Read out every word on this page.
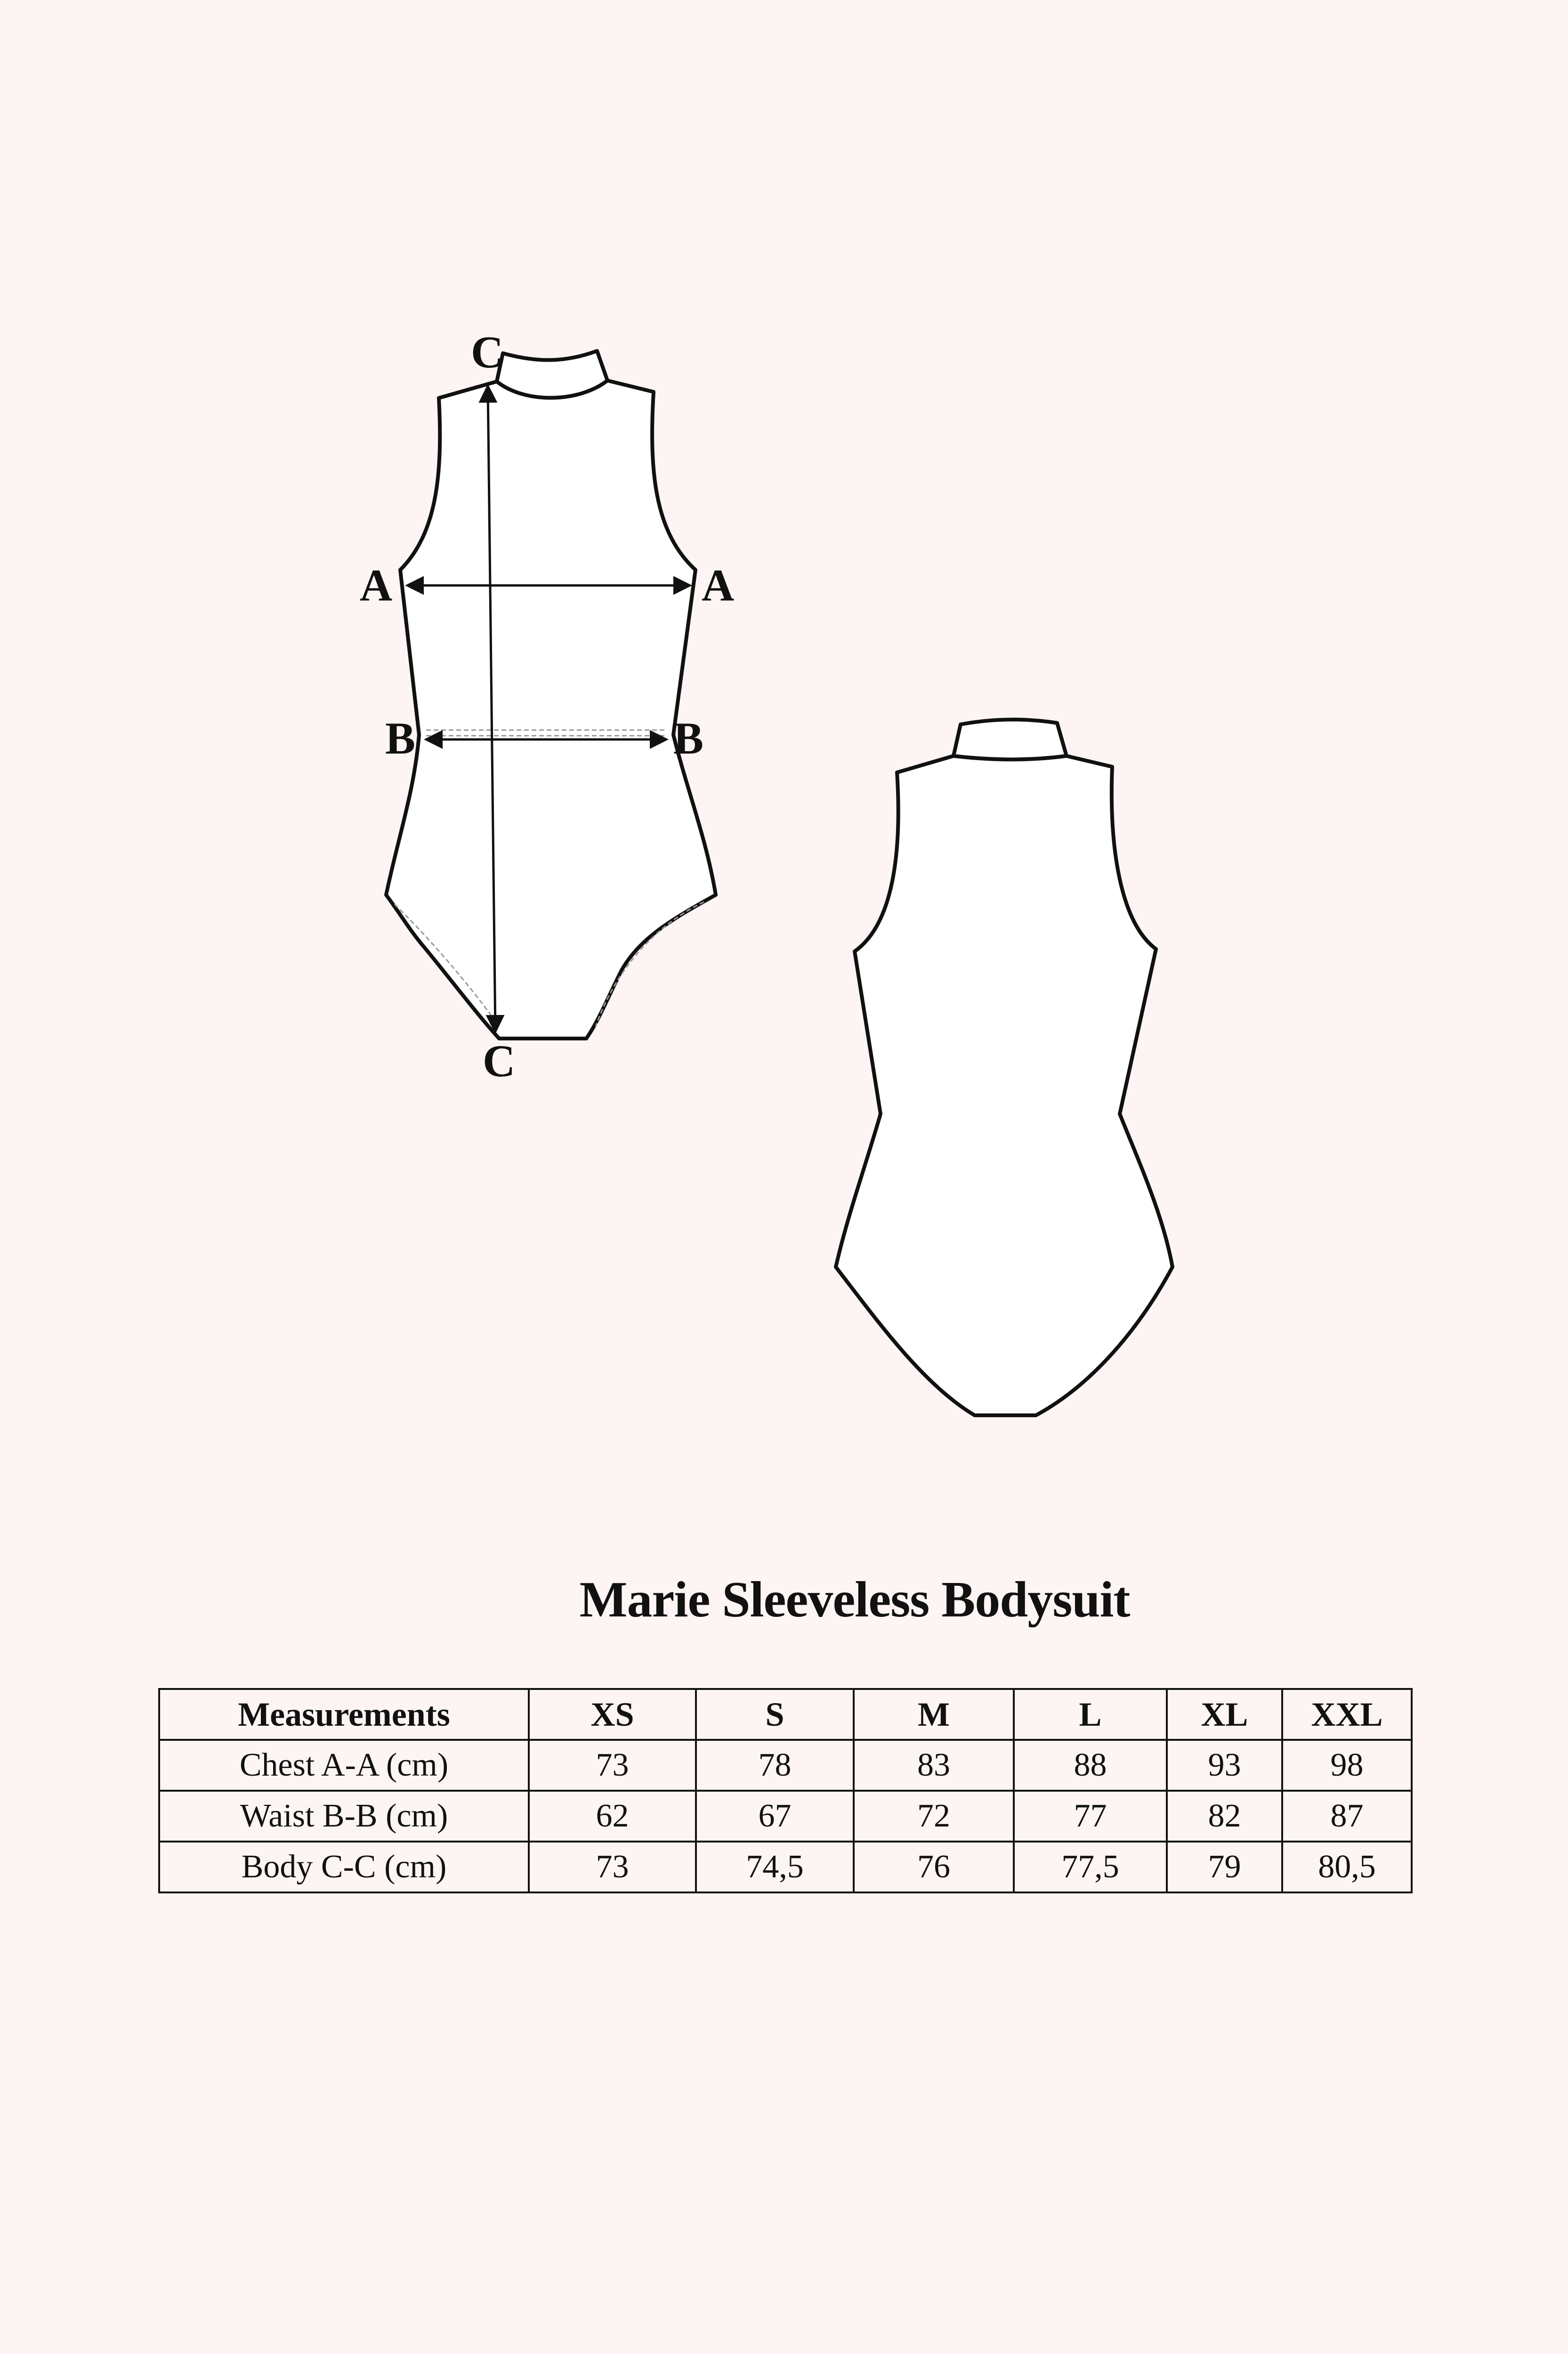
A	A
B	B
C
C
Marie Sleeveless Bodysuit
Measurements	XS	S	M	L	XL	XXL
Chest A-A (cm)	73	78	83	88	93	98
Waist B-B (cm)	62	67	72	77	82	87
Body C-C (cm)	73	74,5	76	77,5	79	80,5
